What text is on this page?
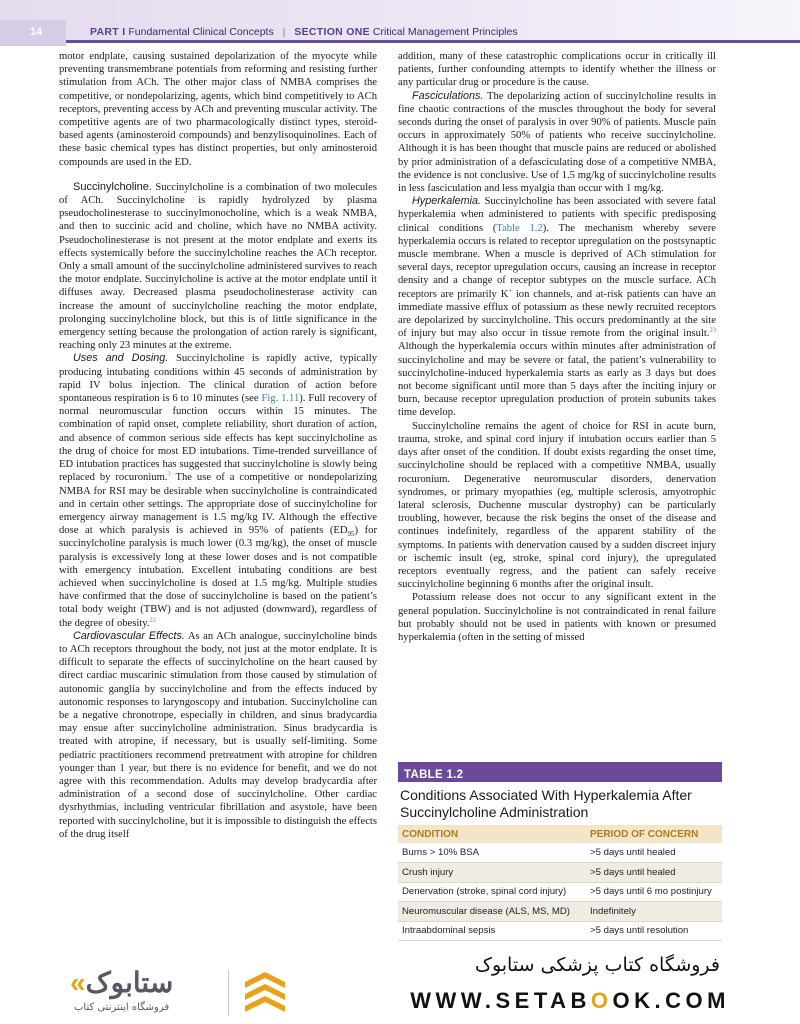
14	PART I Fundamental Clinical Concepts | SECTION ONE Critical Management Principles

motor endplate, causing sustained depolarization of the myocyte while preventing transmembrane potentials from reforming and resisting further stimulation from ACh. The other major class of NMBA comprises the competitive, or nondepolarizing, agents, which bind competitively to ACh receptors, preventing access by ACh and preventing muscular activity. The competitive agents are of two pharmacologically distinct types, steroid-based agents (aminosteroid compounds) and benzylisoquinolines. Each of these basic chemical types has distinct properties, but only aminosteroid compounds are used in the ED.

Succinylcholine. Succinylcholine is a combination of two molecules of ACh. Succinylcholine is rapidly hydrolyzed by plasma pseudocholinesterase to succinylmonocholine, which is a weak NMBA, and then to succinic acid and choline, which have no NMBA activity. Pseudocholinesterase is not present at the motor endplate and exerts its effects systemically before the succinylcholine reaches the ACh receptor. Only a small amount of the succinylcholine administered survives to reach the motor endplate. Succinylcholine is active at the motor endplate until it diffuses away. Decreased plasma pseudocholinesterase activity can increase the amount of succinylcholine reaching the motor endplate, prolonging succinylcholine block, but this is of little significance in the emergency setting because the prolongation of action rarely is significant, reaching only 23 minutes at the extreme.

Uses and Dosing. Succinylcholine is rapidly active, typically producing intubating conditions within 45 seconds of administration by rapid IV bolus injection. The clinical duration of action before spontaneous respiration is 6 to 10 minutes (see Fig. 1.11). Full recovery of normal neuromuscular function occurs within 15 minutes. The combination of rapid onset, complete reliability, short duration of action, and absence of common serious side effects has kept succinylcholine as the drug of choice for most ED intubations. Time-trended surveillance of ED intubation practices has suggested that succinylcholine is slowly being replaced by rocuronium.$^3$ The use of a competitive or nondepolarizing NMBA for RSI may be desirable when succinylcholine is contraindicated and in certain other settings. The appropriate dose of succinylcholine for emergency airway management is 1.5 mg/kg IV. Although the effective dose at which paralysis is achieved in 95% of patients $(ED_{95})$ for succinylcholine paralysis is much lower (0.3 mg/kg), the onset of muscle paralysis is excessively long at these lower doses and is not compatible with emergency intubation. Excellent intubating conditions are best achieved when succinylcholine is dosed at 1.5 mg/kg. Multiple studies have confirmed that the dose of succinylcholine is based on the patient’s total body weight (TBW) and is not adjusted (downward), regardless of the degree of obesity.$^{22}$

Cardiovascular Effects. As an ACh analogue, succinylcholine binds to ACh receptors throughout the body, not just at the motor endplate. It is difficult to separate the effects of succinylcholine on the heart caused by direct cardiac muscarinic stimulation from those caused by stimulation of autonomic ganglia by succinylcholine and from the effects induced by autonomic responses to laryngoscopy and intubation. Succinylcholine can be a negative chronotrope, especially in children, and sinus bradycardia may ensue after succinylcholine administration. Sinus bradycardia is treated with atropine, if necessary, but is usually self-limiting. Some pediatric practitioners recommend pretreatment with atropine for children younger than 1 year, but there is no evidence for benefit, and we do not agree with this recommendation. Adults may develop bradycardia after administration of a second dose of succinylcholine. Other cardiac dysrhythmias, including ventricular fibrillation and asystole, have been reported with succinylcholine, but it is impossible to distinguish the effects of the drug itself

addition, many of these catastrophic complications occur in critically ill patients, further confounding attempts to identify whether the illness or any particular drug or procedure is the cause.

Fasciculations. The depolarizing action of succinylcholine results in fine chaotic contractions of the muscles throughout the body for several seconds during the onset of paralysis in over 90% of patients. Muscle pain occurs in approximately 50% of patients who receive succinylcholine. Although it is has been thought that muscle pains are reduced or abolished by prior administration of a defasciculating dose of a competitive NMBA, the evidence is not conclusive. Use of 1.5 mg/kg of succinylcholine results in less fasciculation and less myalgia than occur with 1 mg/kg.

Hyperkalemia. Succinylcholine has been associated with severe fatal hyperkalemia when administered to patients with specific predisposing clinical conditions (Table 1.2). The mechanism whereby severe hyperkalemia occurs is related to receptor upregulation on the postsynaptic muscle membrane. When a muscle is deprived of ACh stimulation for several days, receptor upregulation occurs, causing an increase in receptor density and a change of receptor subtypes on the muscle surface. ACh receptors are primarily K+ ion channels, and at-risk patients can have an immediate massive efflux of potassium as these newly recruited receptors are depolarized by succinylcholine. This occurs predominantly at the site of injury but may also occur in tissue remote from the original insult.$^{23}$ Although the hyperkalemia occurs within minutes after administration of succinylcholine and may be severe or fatal, the patient’s vulnerability to succinylcholine-induced hyperkalemia starts as early as 3 days but does not become significant until more than 5 days after the inciting injury or burn, because receptor upregulation production of protein subunits takes time develop.

Succinylcholine remains the agent of choice for RSI in acute burn, trauma, stroke, and spinal cord injury if intubation occurs earlier than 5 days after onset of the condition. If doubt exists regarding the onset time, succinylcholine should be replaced with a competitive NMBA, usually rocuronium. Degenerative neuromuscular disorders, denervation syndromes, or primary myopathies (eg, multiple sclerosis, amyotrophic lateral sclerosis, Duchenne muscular dystrophy) can be particularly troubling, however, because the risk begins the onset of the disease and continues indefinitely, regardless of the apparent stability of the symptoms. In patients with denervation caused by a sudden discreet injury or ischemic insult (eg, stroke, spinal cord injury), the upregulated receptors eventually regress, and the patient can safely receive succinylcholine beginning 6 months after the original insult.

Potassium release does not occur to any significant extent in the general population. Succinylcholine is not contraindicated in renal failure but probably should not be used in patients with known or presumed hyperkalemia (often in the setting of missed

TABLE 1.2
Conditions Associated With Hyperkalemia After Succinylcholine Administration
CONDITION	PERIOD OF CONCERN
Burns > 10% BSA	>5 days until healed
Crush injury	>5 days until healed
Denervation (stroke, spinal cord injury)	>5 days until 6 mo postinjury
Neuromuscular disease (ALS, MS, MD)	Indefinitely
Intraabdominal sepsis	>5 days until resolution
«ستابوک
فروشگاه اینترنتی کتاب
فروشگاه کتاب پزشکی ستابوک
WWW.SETABOOK.COM
